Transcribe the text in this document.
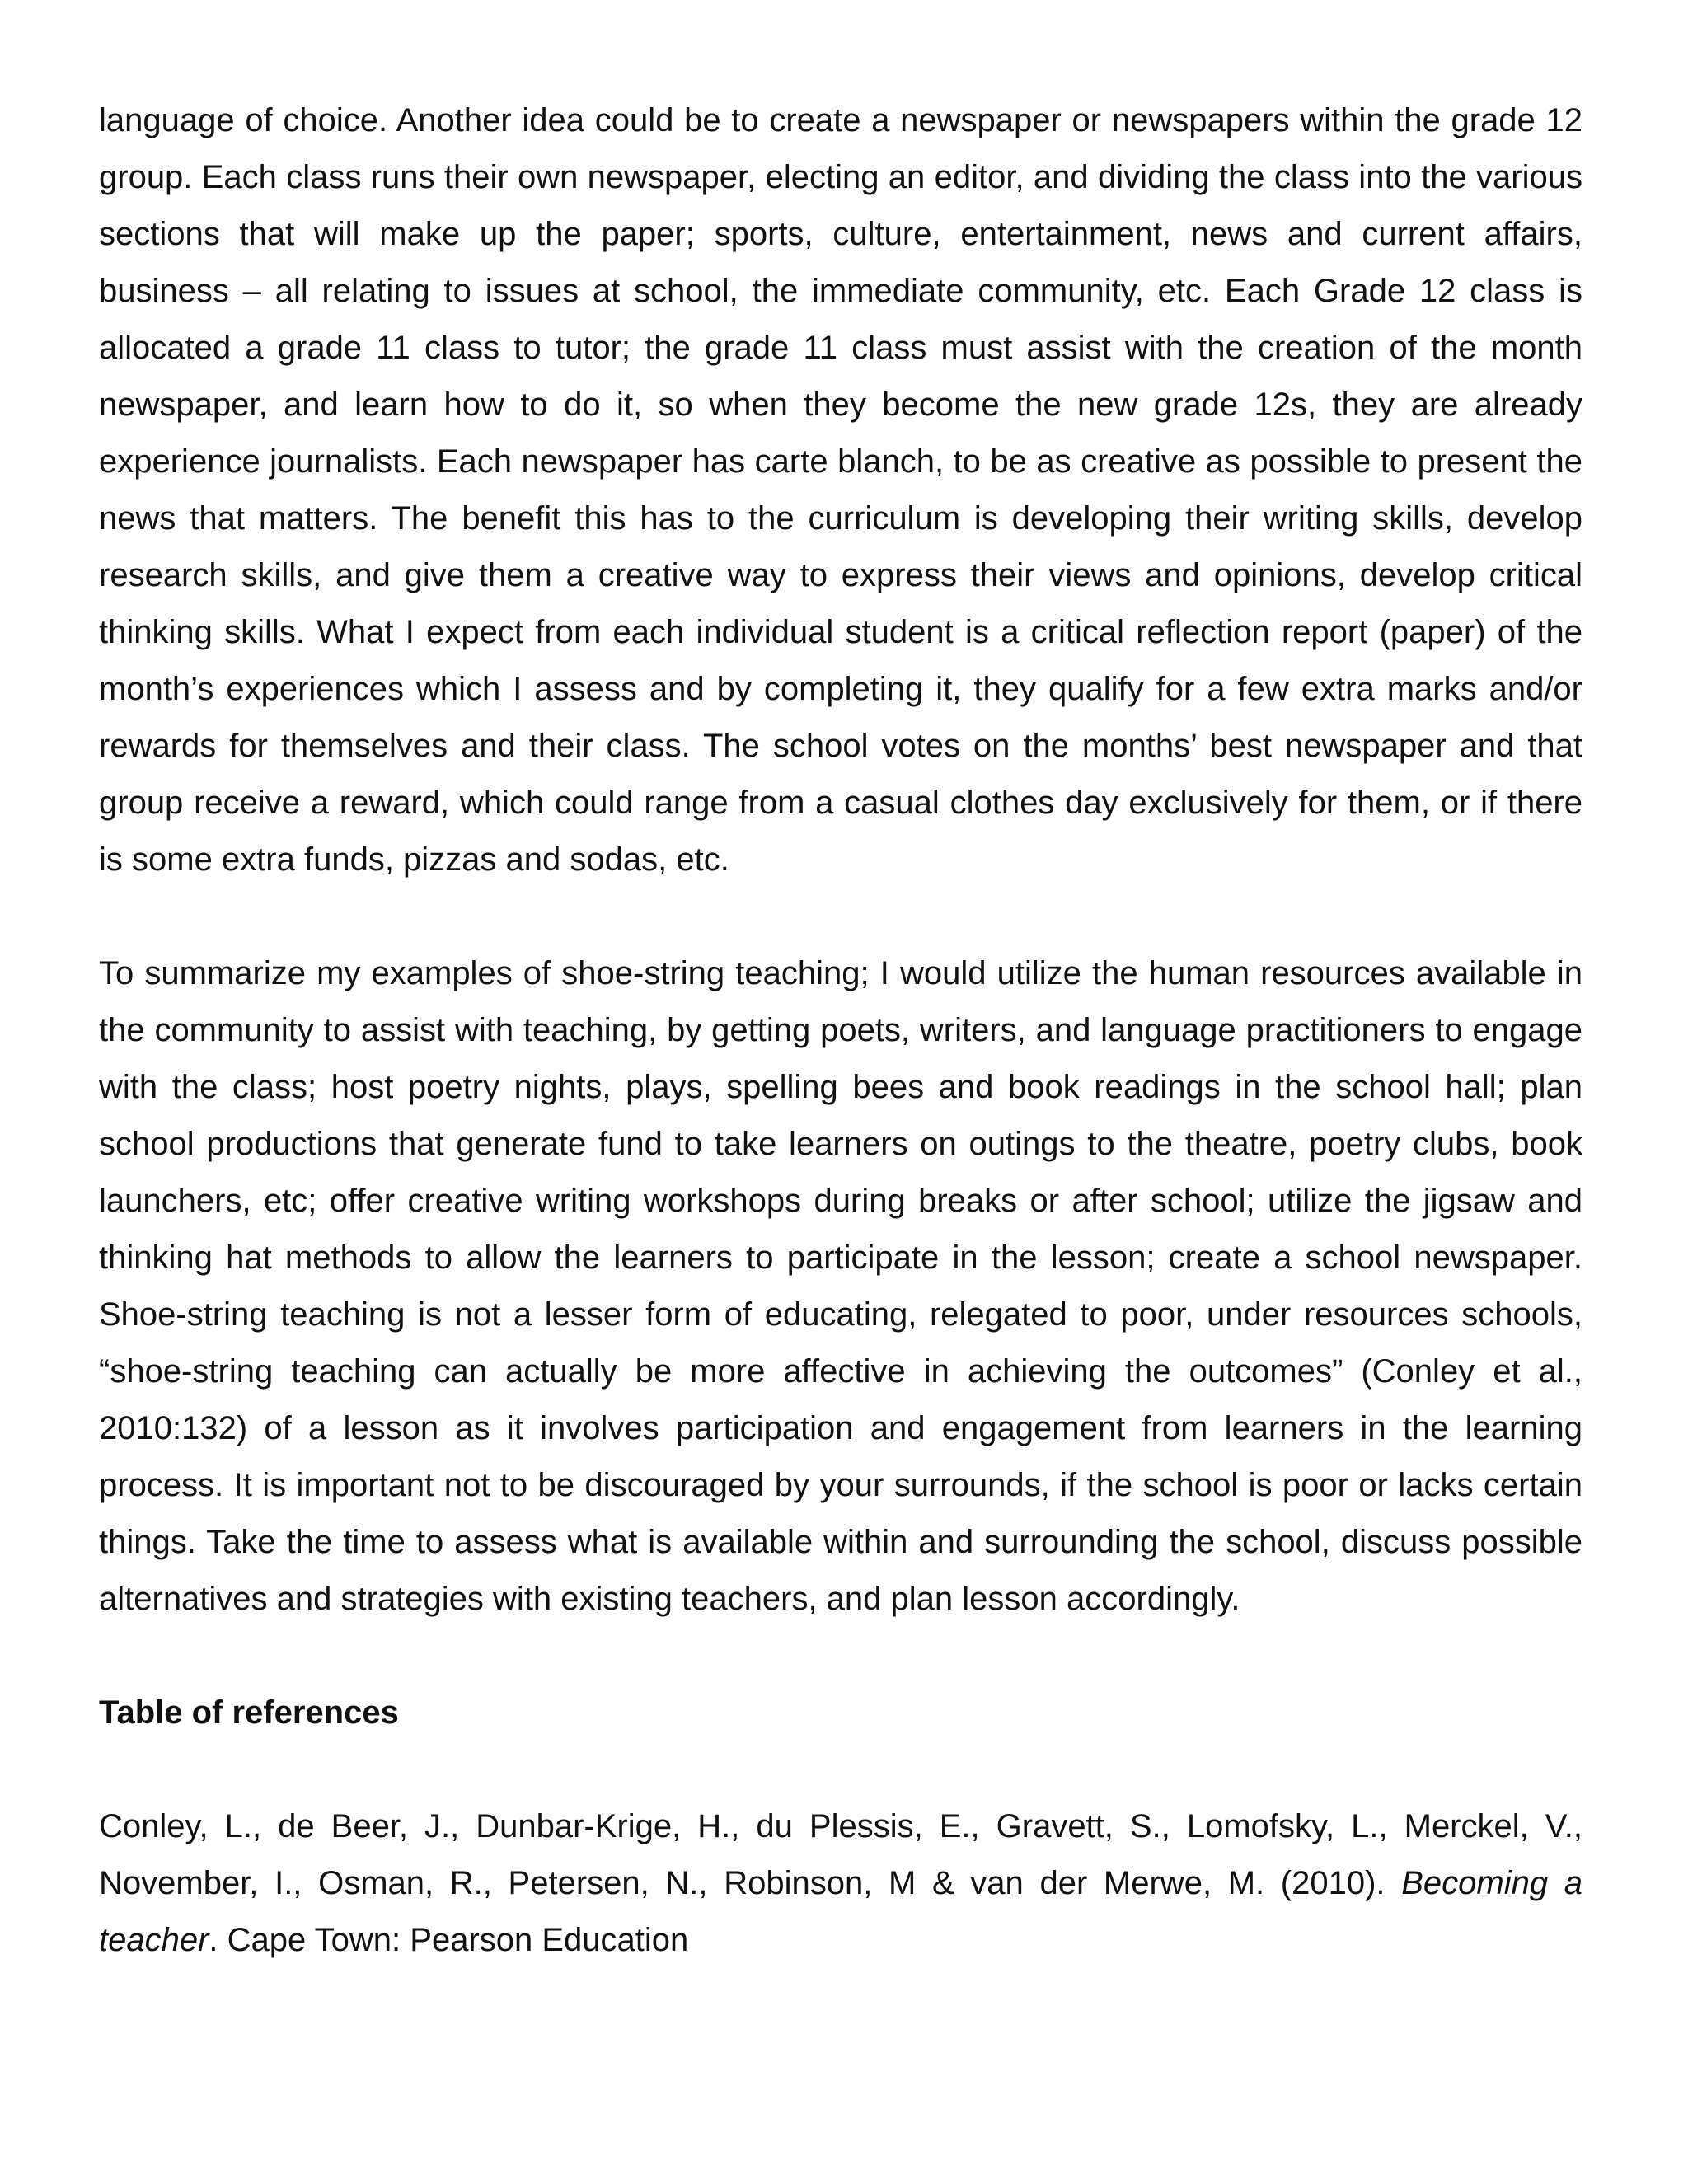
language of choice. Another idea could be to create a newspaper or newspapers within the grade 12 group. Each class runs their own newspaper, electing an editor, and dividing the class into the various sections that will make up the paper; sports, culture, entertainment, news and current affairs, business – all relating to issues at school, the immediate community, etc. Each Grade 12 class is allocated a grade 11 class to tutor; the grade 11 class must assist with the creation of the month newspaper, and learn how to do it, so when they become the new grade 12s, they are already experience journalists. Each newspaper has carte blanch, to be as creative as possible to present the news that matters. The benefit this has to the curriculum is developing their writing skills, develop research skills, and give them a creative way to express their views and opinions, develop critical thinking skills. What I expect from each individual student is a critical reflection report (paper) of the month’s experiences which I assess and by completing it, they qualify for a few extra marks and/or rewards for themselves and their class. The school votes on the months’ best newspaper and that group receive a reward, which could range from a casual clothes day exclusively for them, or if there is some extra funds, pizzas and sodas, etc.

To summarize my examples of shoe-string teaching; I would utilize the human resources available in the community to assist with teaching, by getting poets, writers, and language practitioners to engage with the class; host poetry nights, plays, spelling bees and book readings in the school hall; plan school productions that generate fund to take learners on outings to the theatre, poetry clubs, book launchers, etc; offer creative writing workshops during breaks or after school; utilize the jigsaw and thinking hat methods to allow the learners to participate in the lesson; create a school newspaper. Shoe-string teaching is not a lesser form of educating, relegated to poor, under resources schools, “shoe-string teaching can actually be more affective in achieving the outcomes” (Conley et al., 2010:132) of a lesson as it involves participation and engagement from learners in the learning process. It is important not to be discouraged by your surrounds, if the school is poor or lacks certain things. Take the time to assess what is available within and surrounding the school, discuss possible alternatives and strategies with existing teachers, and plan lesson accordingly.

Table of references

Conley, L., de Beer, J., Dunbar-Krige, H., du Plessis, E., Gravett, S., Lomofsky, L., Merckel, V., November, I., Osman, R., Petersen, N., Robinson, M & van der Merwe, M. (2010). Becoming a teacher. Cape Town: Pearson Education
